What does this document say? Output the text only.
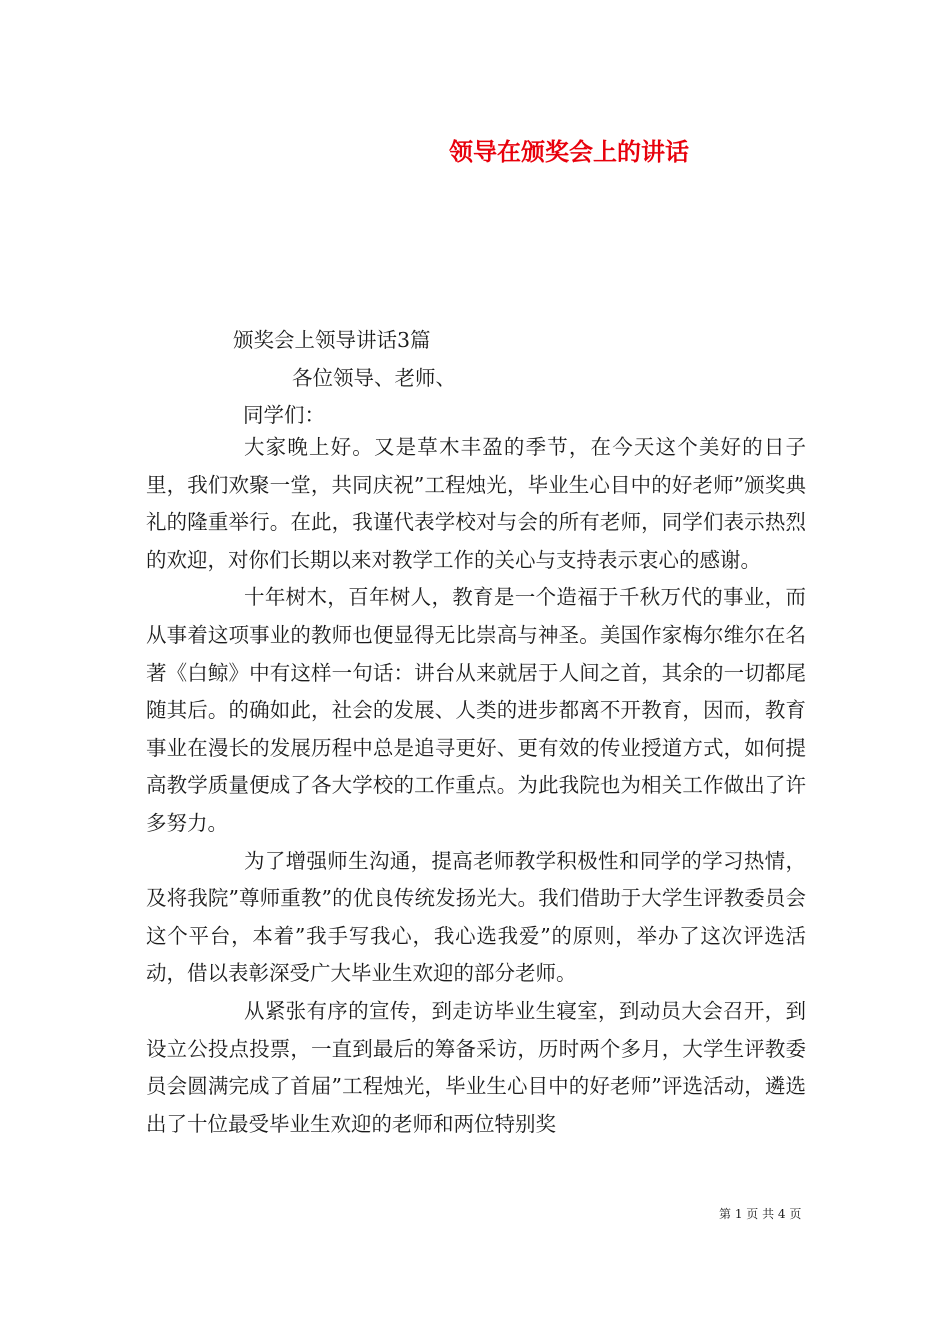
领导在颁奖会上的讲话
颁奖会上领导讲话3篇
各位领导、老师、
同学们：

大家晚上好。又是草木丰盈的季节，在今天这个美好的日子里，我们欢聚一堂，共同庆祝”工程烛光，毕业生心目中的好老师”颁奖典礼的隆重举行。在此，我谨代表学校对与会的所有老师，同学们表示热烈的欢迎，对你们长期以来对教学工作的关心与支持表示衷心的感谢。

十年树木，百年树人，教育是一个造福于千秋万代的事业，而从事着这项事业的教师也便显得无比崇高与神圣。美国作家梅尔维尔在名著《白鲸》中有这样一句话：讲台从来就居于人间之首，其余的一切都尾随其后。的确如此，社会的发展、人类的进步都离不开教育，因而，教育事业在漫长的发展历程中总是追寻更好、更有效的传业授道方式，如何提高教学质量便成了各大学校的工作重点。为此我院也为相关工作做出了许多努力。

为了增强师生沟通，提高老师教学积极性和同学的学习热情，及将我院”尊师重教”的优良传统发扬光大。我们借助于大学生评教委员会这个平台，本着”我手写我心，我心选我爱”的原则，举办了这次评选活动，借以表彰深受广大毕业生欢迎的部分老师。

从紧张有序的宣传，到走访毕业生寝室，到动员大会召开，到设立公投点投票，一直到最后的筹备采访，历时两个多月，大学生评教委员会圆满完成了首届”工程烛光，毕业生心目中的好老师”评选活动，遴选出了十位最受毕业生欢迎的老师和两位特别奖

第 1 页 共 4 页
